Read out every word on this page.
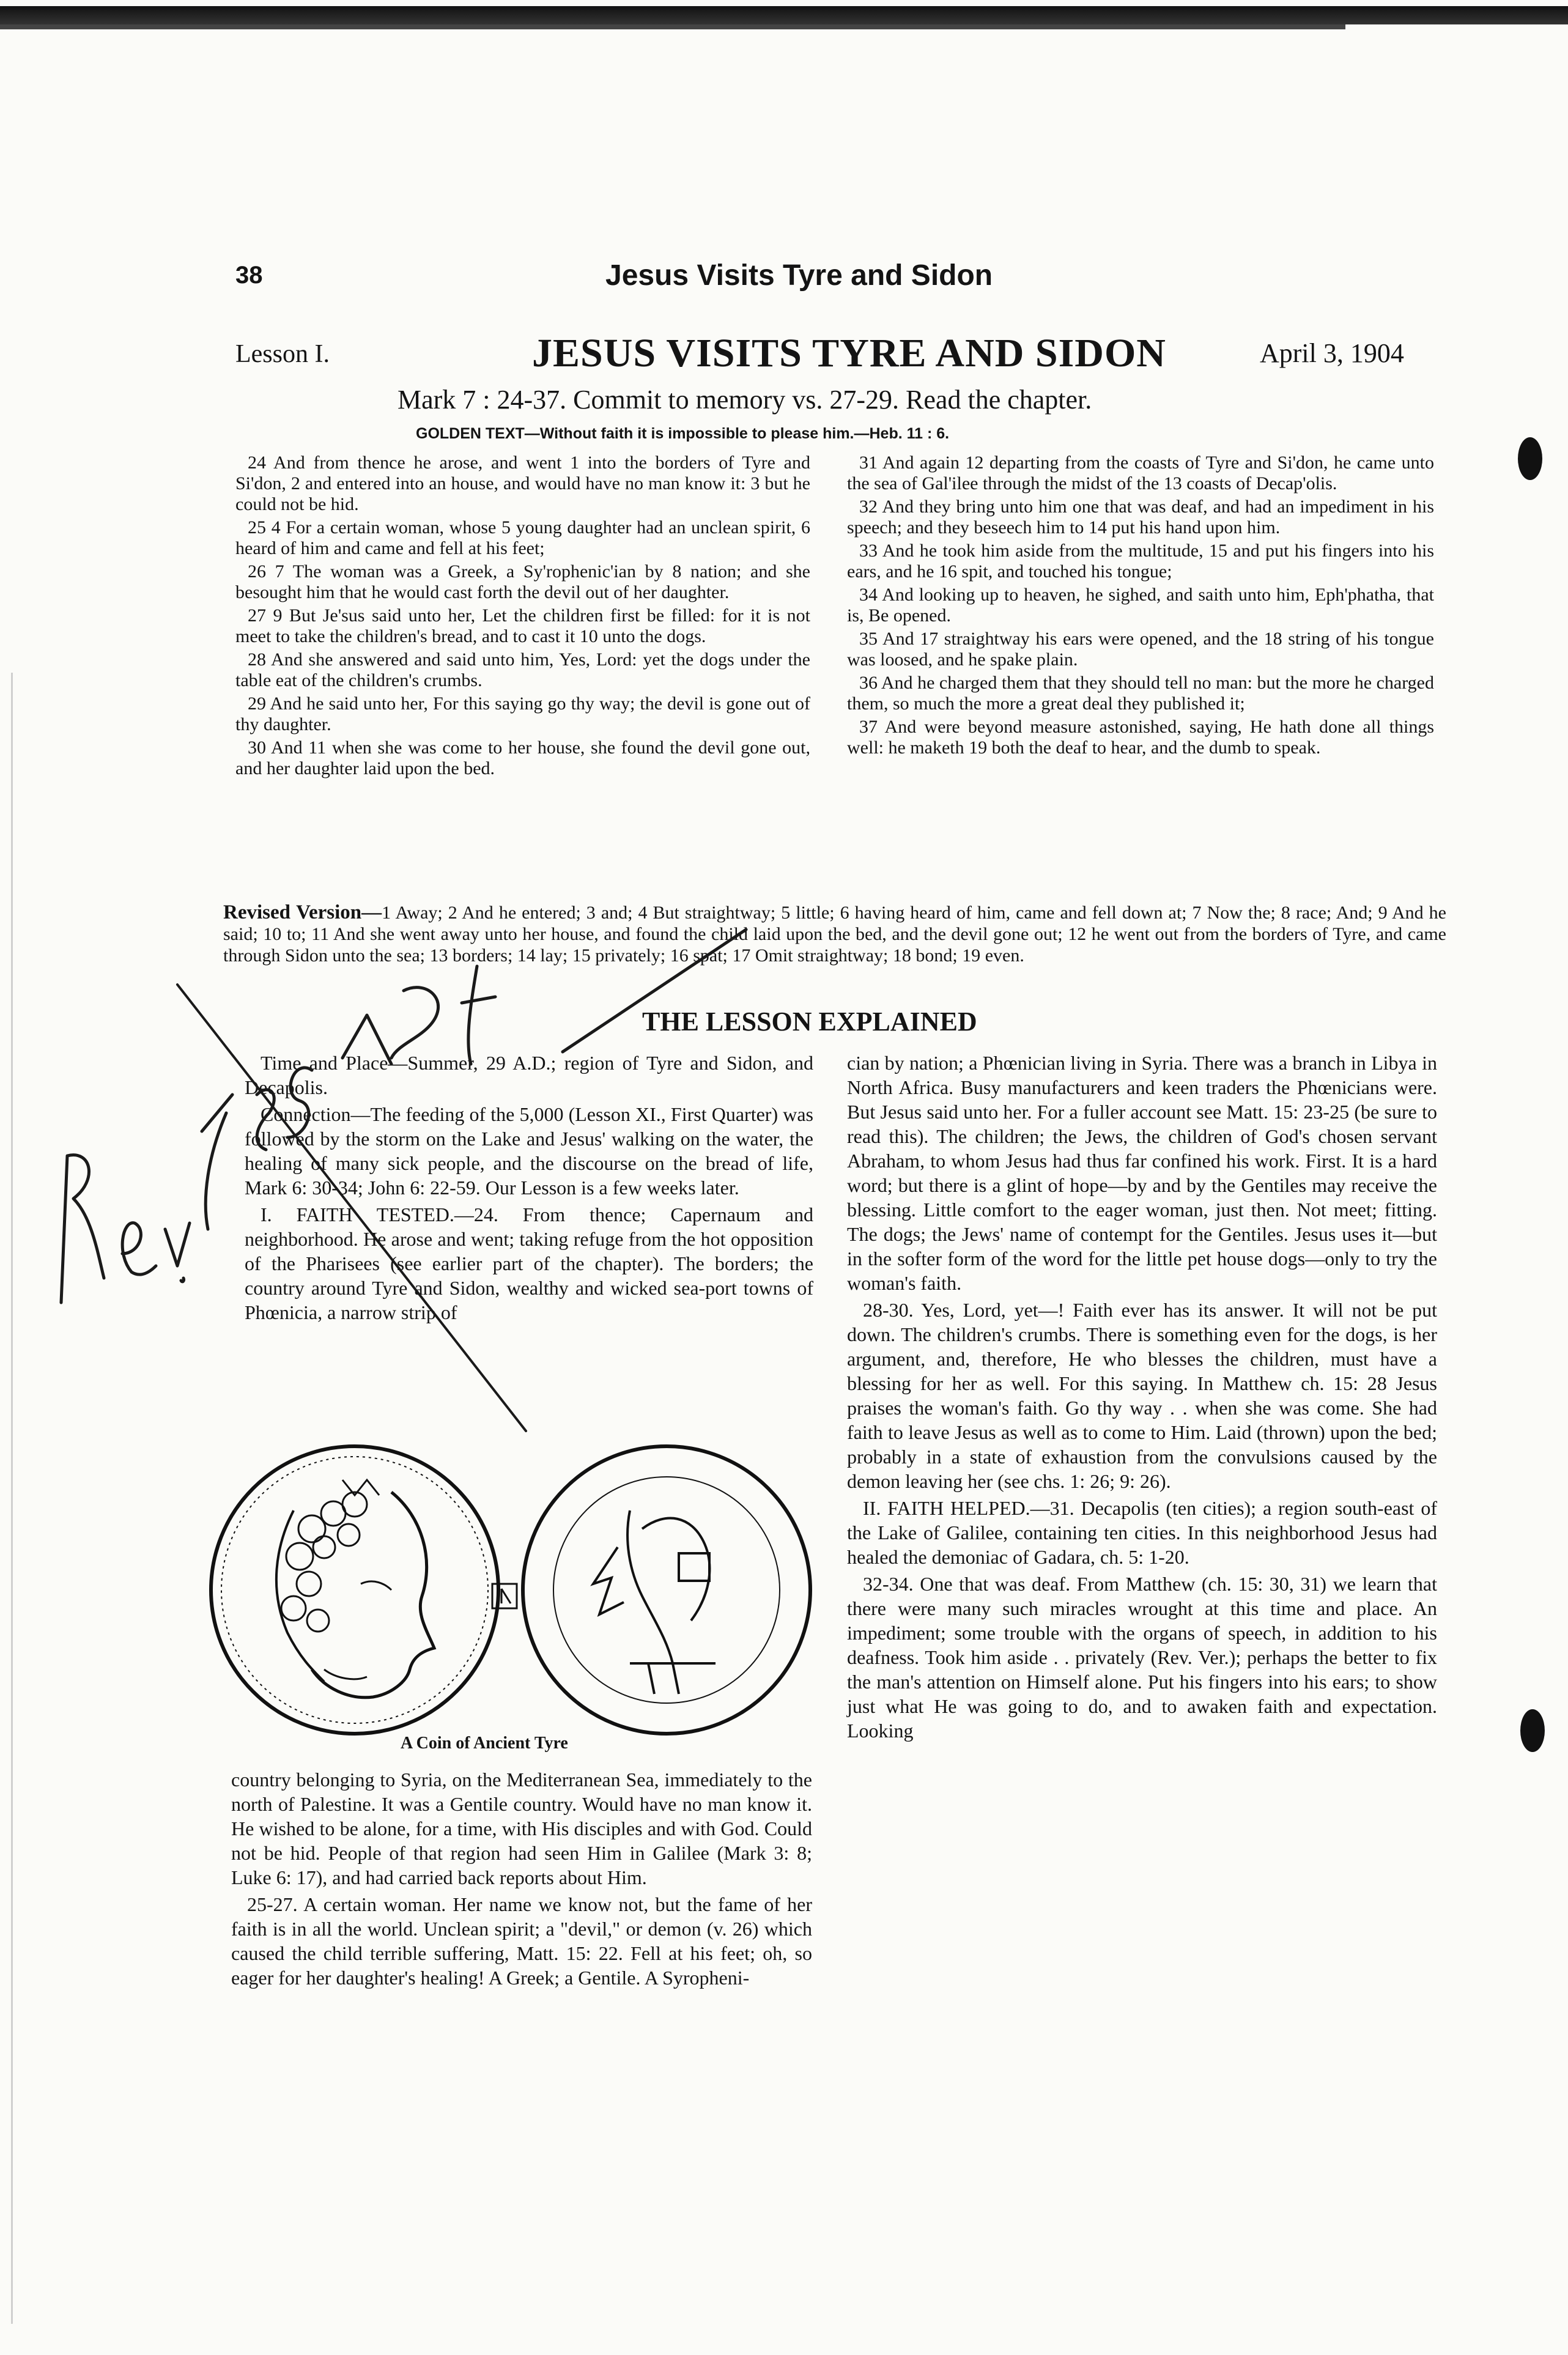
38	Jesus Visits Tyre and Sidon
Lesson I.	JESUS VISITS TYRE AND SIDON	April 3, 1904
Mark 7 : 24-37. Commit to memory vs. 27-29. Read the chapter.
GOLDEN TEXT—Without faith it is impossible to please him.—Heb. 11 : 6.

24 And from thence he arose, and went 1 into the borders of Tyre and Si'don, 2 and entered into an house, and would have no man know it: 3 but he could not be hid.

25 4 For a certain woman, whose 5 young daughter had an unclean spirit, 6 heard of him and came and fell at his feet;

26 7 The woman was a Greek, a Sy'rophenic'ian by 8 nation; and she besought him that he would cast forth the devil out of her daughter.

27 9 But Je'sus said unto her, Let the children first be filled: for it is not meet to take the children's bread, and to cast it 10 unto the dogs.

28 And she answered and said unto him, Yes, Lord: yet the dogs under the table eat of the children's crumbs.

29 And he said unto her, For this saying go thy way; the devil is gone out of thy daughter.

30 And 11 when she was come to her house, she found the devil gone out, and her daughter laid upon the bed.

31 And again 12 departing from the coasts of Tyre and Si'don, he came unto the sea of Gal'ilee through the midst of the 13 coasts of Decap'olis.

32 And they bring unto him one that was deaf, and had an impediment in his speech; and they beseech him to 14 put his hand upon him.

33 And he took him aside from the multitude, 15 and put his fingers into his ears, and he 16 spit, and touched his tongue;

34 And looking up to heaven, he sighed, and saith unto him, Eph'phatha, that is, Be opened.

35 And 17 straightway his ears were opened, and the 18 string of his tongue was loosed, and he spake plain.

36 And he charged them that they should tell no man: but the more he charged them, so much the more a great deal they published it;

37 And were beyond measure astonished, saying, He hath done all things well: he maketh 19 both the deaf to hear, and the dumb to speak.

Revised Version—1 Away; 2 And he entered; 3 and; 4 But straightway; 5 little; 6 having heard of him, came and fell down at; 7 Now the; 8 race; And; 9 And he said; 10 to; 11 And she went away unto her house, and found the child laid upon the bed, and the devil gone out; 12 he went out from the borders of Tyre, and came through Sidon unto the sea; 13 borders; 14 lay; 15 privately; 16 spat; 17 Omit straightway; 18 bond; 19 even.
THE LESSON EXPLAINED

Time and Place—Summer, 29 A.D.; region of Tyre and Sidon, and Decapolis.

Connection—The feeding of the 5,000 (Lesson XI., First Quarter) was followed by the storm on the Lake and Jesus' walking on the water, the healing of many sick people, and the discourse on the bread of life, Mark 6: 30-34; John 6: 22-59. Our Lesson is a few weeks later.

I. FAITH TESTED.—24. From thence; Capernaum and neighborhood. He arose and went; taking refuge from the hot opposition of the Pharisees (see earlier part of the chapter). The borders; the country around Tyre and Sidon, wealthy and wicked sea-port towns of Phœnicia, a narrow strip of

A Coin of Ancient Tyre

country belonging to Syria, on the Mediterranean Sea, immediately to the north of Palestine. It was a Gentile country. Would have no man know it. He wished to be alone, for a time, with His disciples and with God. Could not be hid. People of that region had seen Him in Galilee (Mark 3: 8; Luke 6: 17), and had carried back reports about Him.

25-27. A certain woman. Her name we know not, but the fame of her faith is in all the world. Unclean spirit; a "devil," or demon (v. 26) which caused the child terrible suffering, Matt. 15: 22. Fell at his feet; oh, so eager for her daughter's healing! A Greek; a Gentile. A Syropheni-

cian by nation; a Phœnician living in Syria. There was a branch in Libya in North Africa. Busy manufacturers and keen traders the Phœnicians were. But Jesus said unto her. For a fuller account see Matt. 15: 23-25 (be sure to read this). The children; the Jews, the children of God's chosen servant Abraham, to whom Jesus had thus far confined his work. First. It is a hard word; but there is a glint of hope—by and by the Gentiles may receive the blessing. Little comfort to the eager woman, just then. Not meet; fitting. The dogs; the Jews' name of contempt for the Gentiles. Jesus uses it—but in the softer form of the word for the little pet house dogs—only to try the woman's faith.

28-30. Yes, Lord, yet—! Faith ever has its answer. It will not be put down. The children's crumbs. There is something even for the dogs, is her argument, and, therefore, He who blesses the children, must have a blessing for her as well. For this saying. In Matthew ch. 15: 28 Jesus praises the woman's faith. Go thy way . . when she was come. She had faith to leave Jesus as well as to come to Him. Laid (thrown) upon the bed; probably in a state of exhaustion from the convulsions caused by the demon leaving her (see chs. 1: 26; 9: 26).

II. FAITH HELPED.—31. Decapolis (ten cities); a region south-east of the Lake of Galilee, containing ten cities. In this neighborhood Jesus had healed the demoniac of Gadara, ch. 5: 1-20.

32-34. One that was deaf. From Matthew (ch. 15: 30, 31) we learn that there were many such miracles wrought at this time and place. An impediment; some trouble with the organs of speech, in addition to his deafness. Took him aside . . privately (Rev. Ver.); perhaps the better to fix the man's attention on Himself alone. Put his fingers into his ears; to show just what He was going to do, and to awaken faith and expectation. Looking
